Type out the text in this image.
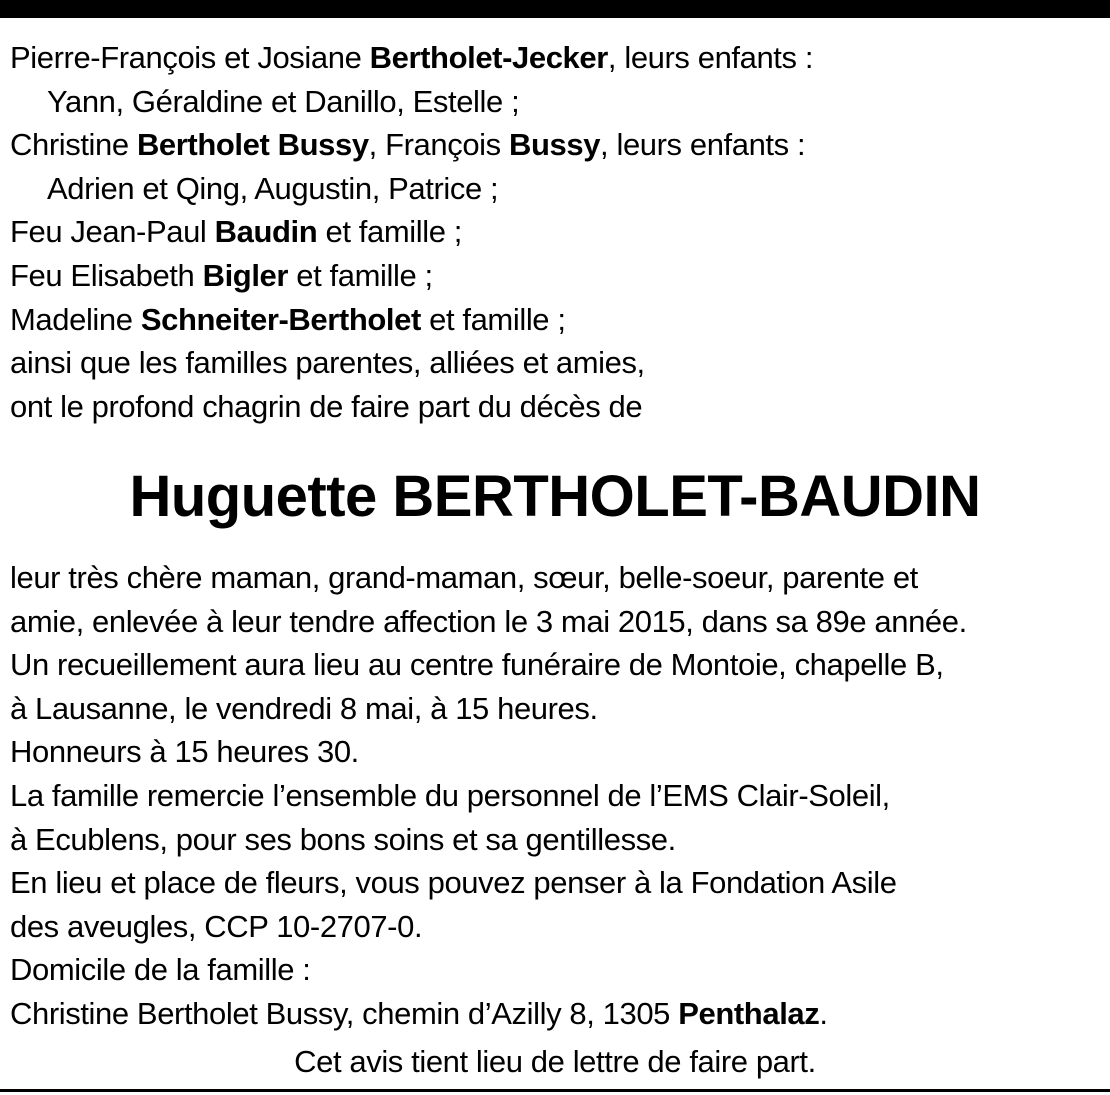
Pierre-François et Josiane Bertholet-Jecker, leurs enfants :
Yann, Géraldine et Danillo, Estelle ;
Christine Bertholet Bussy, François Bussy, leurs enfants :
Adrien et Qing, Augustin, Patrice ;
Feu Jean-Paul Baudin et famille ;
Feu Elisabeth Bigler et famille ;
Madeline Schneiter-Bertholet et famille ;
ainsi que les familles parentes, alliées et amies,
ont le profond chagrin de faire part du décès de
Huguette BERTHOLET-BAUDIN
leur très chère maman, grand-maman, sœur, belle-soeur, parente et
amie, enlevée à leur tendre affection le 3 mai 2015, dans sa 89e année.
Un recueillement aura lieu au centre funéraire de Montoie, chapelle B,
à Lausanne, le vendredi 8 mai, à 15 heures.
Honneurs à 15 heures 30.
La famille remercie l’ensemble du personnel de l’EMS Clair-Soleil,
à Ecublens, pour ses bons soins et sa gentillesse.
En lieu et place de fleurs, vous pouvez penser à la Fondation Asile
des aveugles, CCP 10-2707-0.
Domicile de la famille :
Christine Bertholet Bussy, chemin d’Azilly 8, 1305 Penthalaz.
Cet avis tient lieu de lettre de faire part.
